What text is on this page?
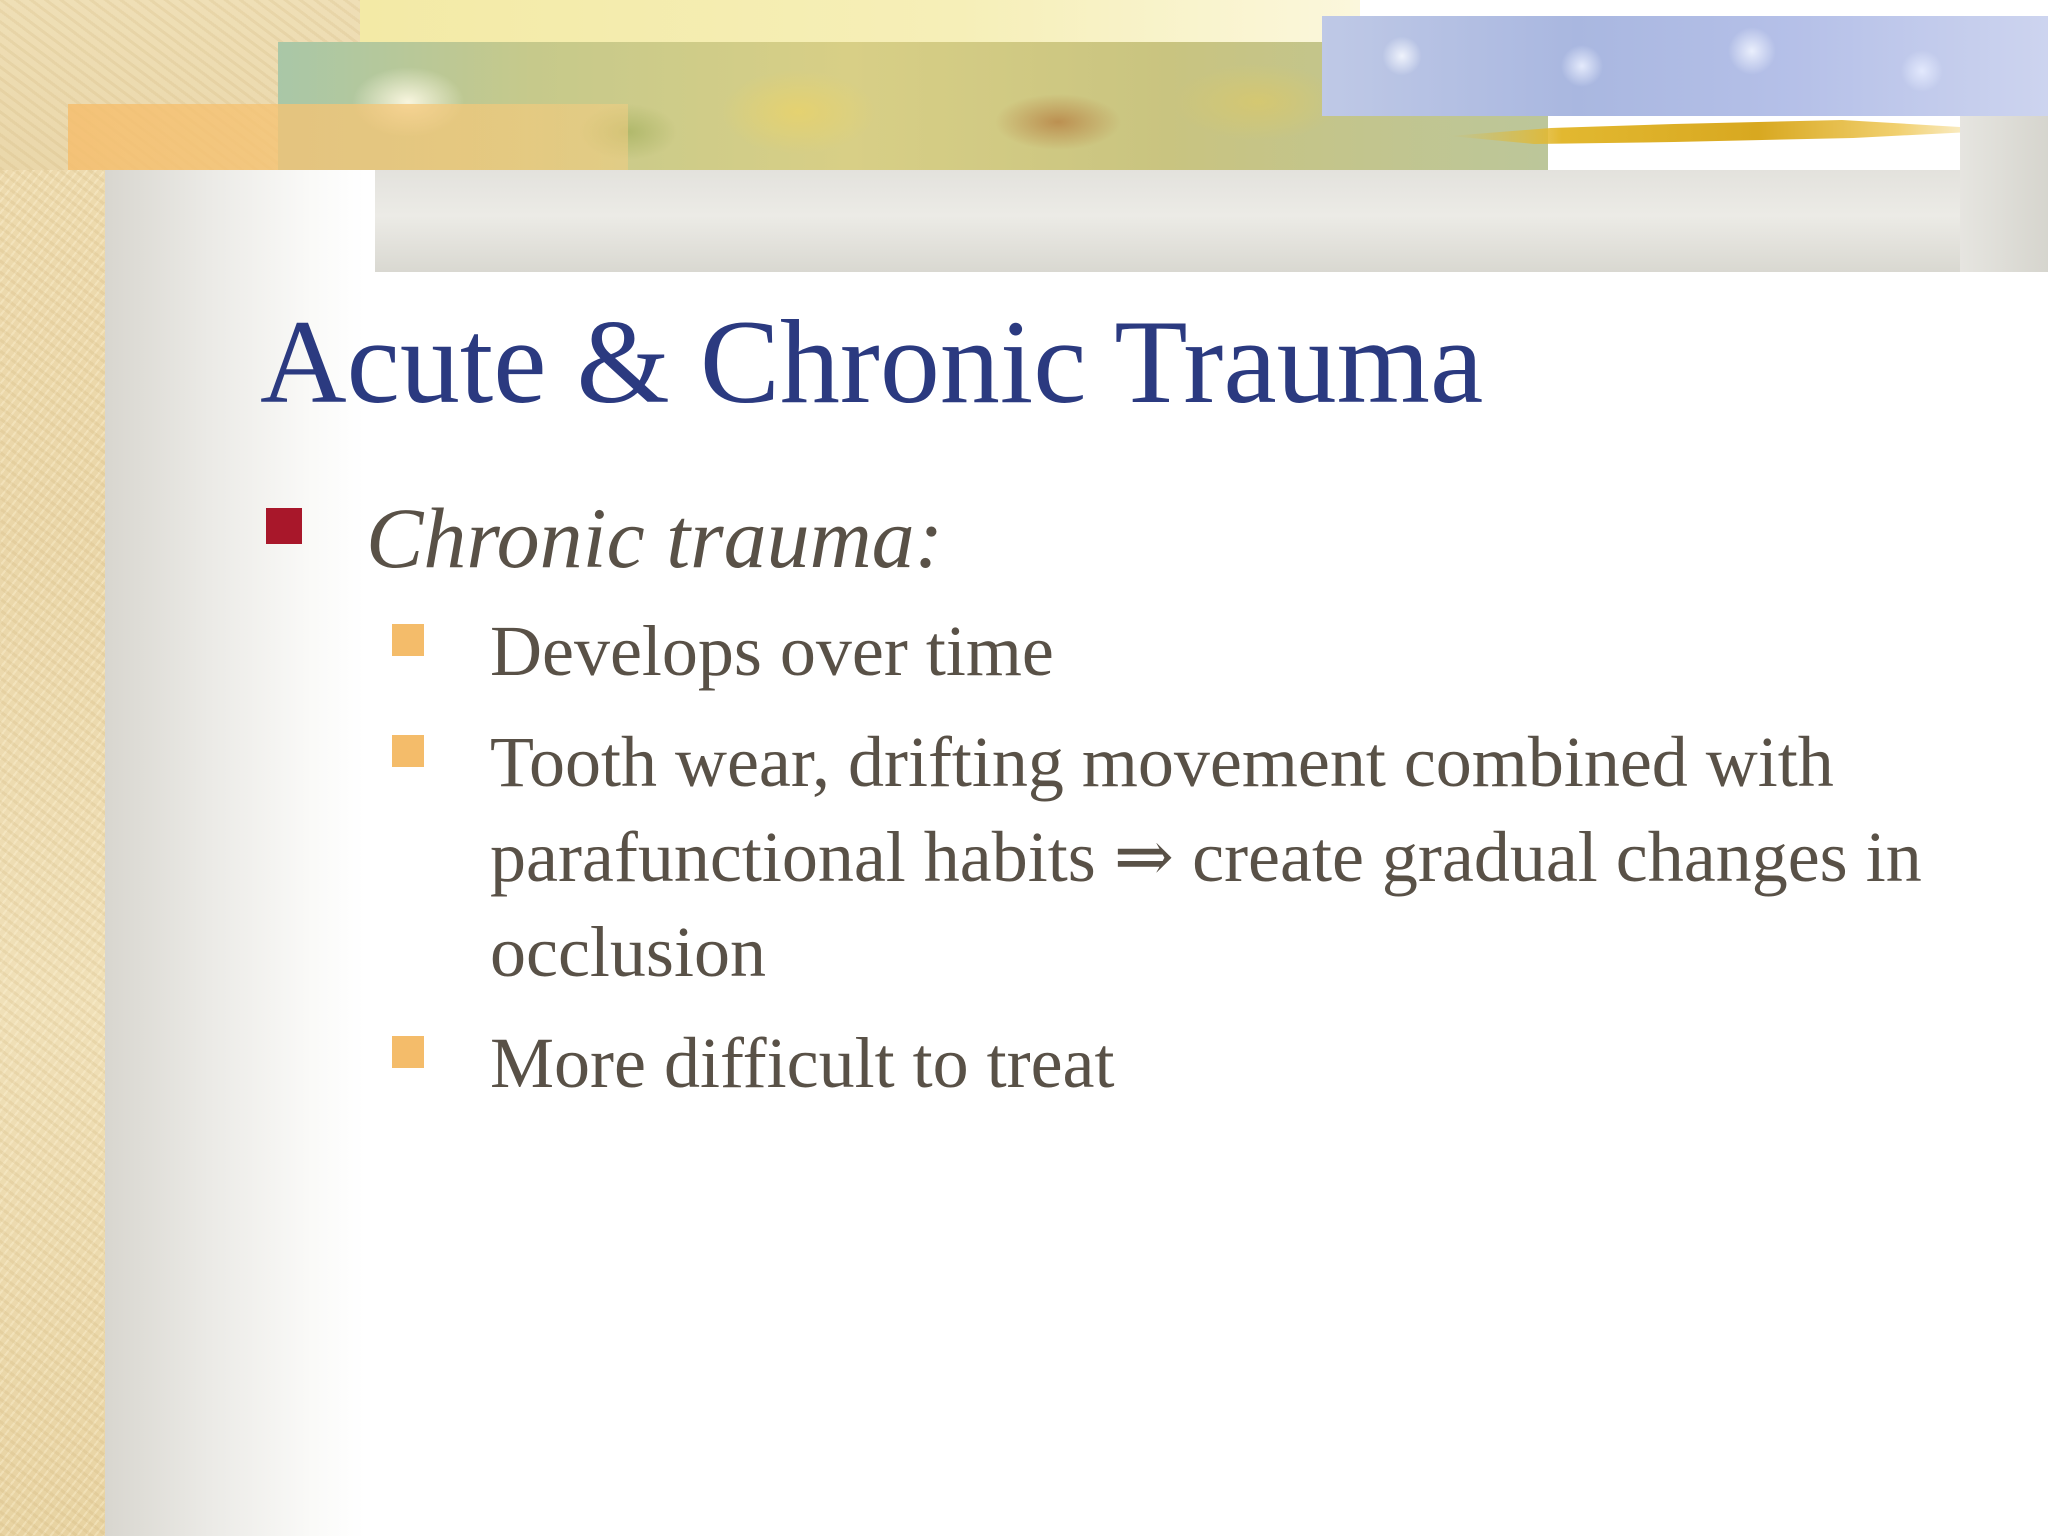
Acute & Chronic Trauma
Chronic trauma:
Develops over time
Tooth wear, drifting movement combined with parafunctional habits ⇒ create gradual changes in occlusion
More difficult to treat
